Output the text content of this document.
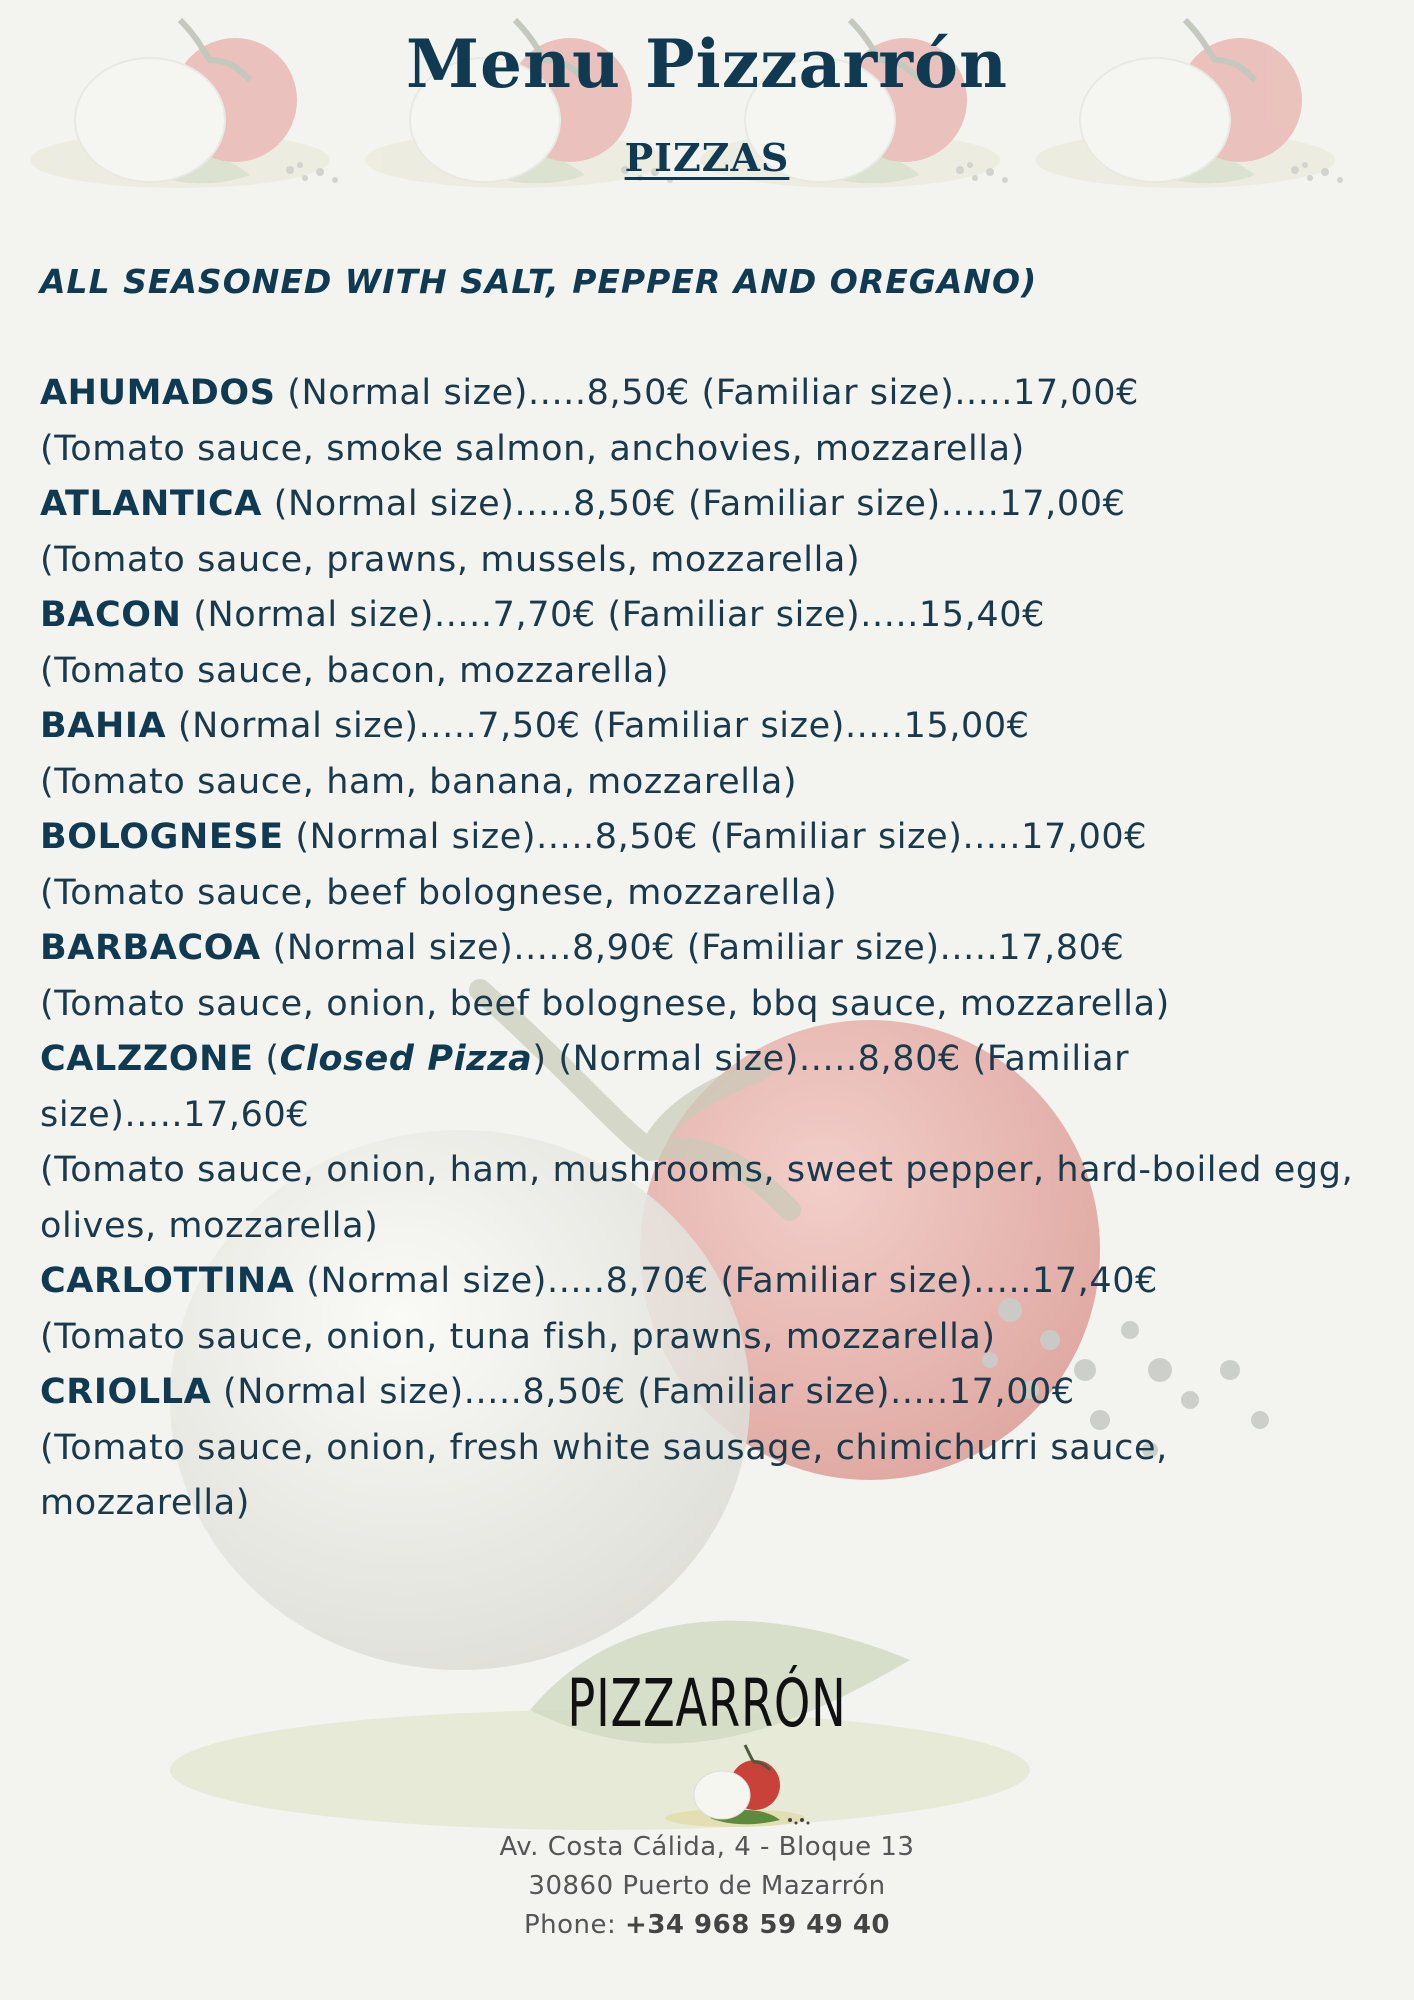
Menu Pizzarrón
PIZZAS
ALL SEASONED WITH SALT, PEPPER AND OREGANO)
AHUMADOS (Normal size).....8,50€ (Familiar size).....17,00€
(Tomato sauce, smoke salmon, anchovies, mozzarella)
ATLANTICA (Normal size).....8,50€ (Familiar size).....17,00€
(Tomato sauce, prawns, mussels, mozzarella)
BACON (Normal size).....7,70€ (Familiar size).....15,40€
(Tomato sauce, bacon, mozzarella)
BAHIA (Normal size).....7,50€ (Familiar size).....15,00€
(Tomato sauce, ham, banana, mozzarella)
BOLOGNESE (Normal size).....8,50€ (Familiar size).....17,00€
(Tomato sauce, beef bolognese, mozzarella)
BARBACOA (Normal size).....8,90€ (Familiar size).....17,80€
(Tomato sauce, onion, beef bolognese, bbq sauce, mozzarella)
CALZZONE (Closed Pizza) (Normal size).....8,80€ (Familiar size).....17,60€
(Tomato sauce, onion, ham, mushrooms, sweet pepper, hard-boiled egg, olives, mozzarella)
CARLOTTINA (Normal size).....8,70€ (Familiar size).....17,40€
(Tomato sauce, onion, tuna fish, prawns, mozzarella)
CRIOLLA (Normal size).....8,50€ (Familiar size).....17,00€
(Tomato sauce, onion, fresh white sausage, chimichurri sauce, mozzarella)
PIZZARRÓN
Av. Costa Cálida, 4 - Bloque 13
30860 Puerto de Mazarrón
Phone: +34 968 59 49 40
